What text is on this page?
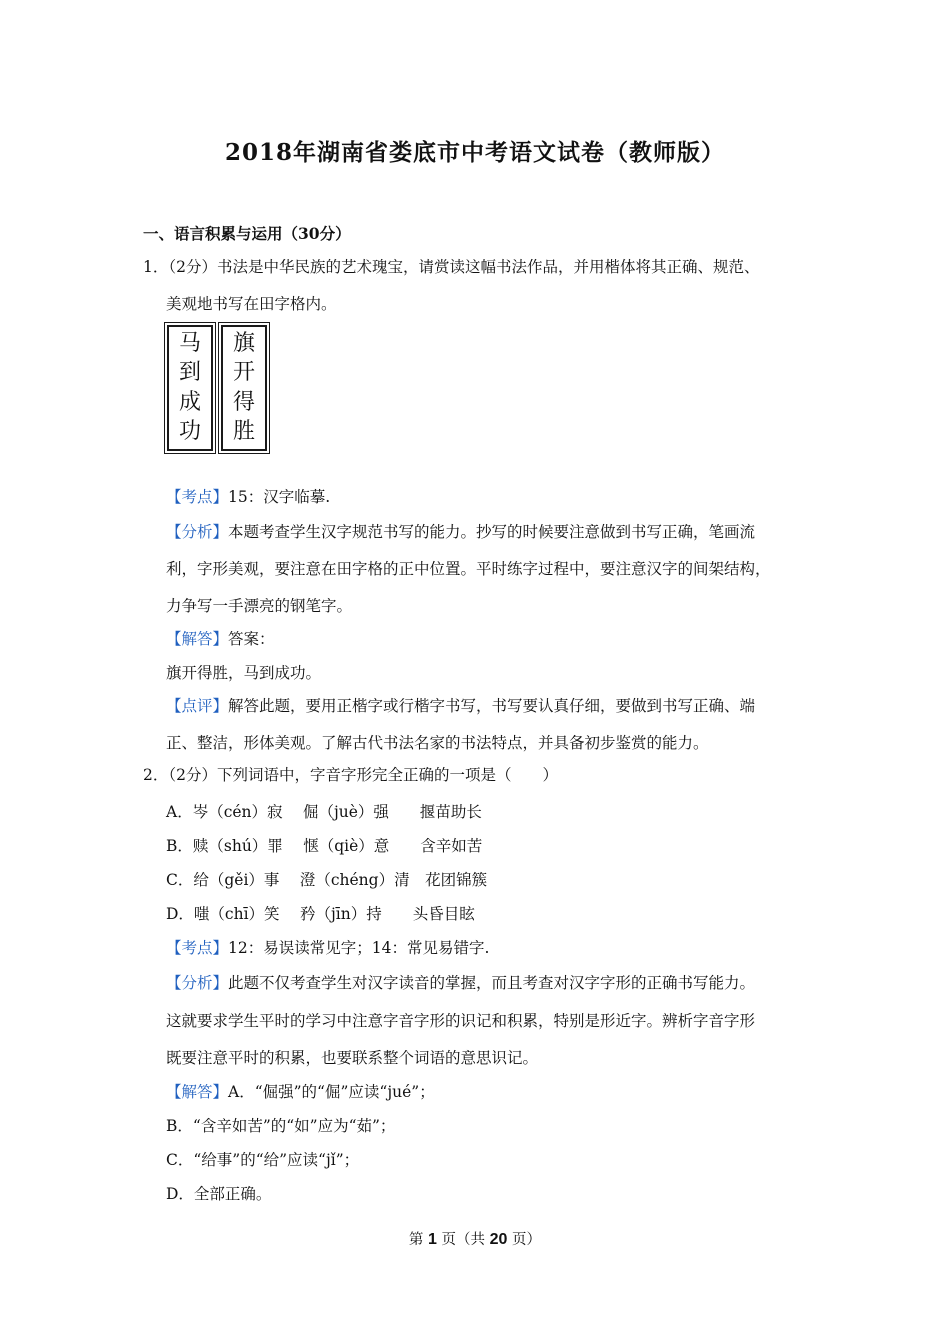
2018年湖南省娄底市中考语文试卷（教师版）
一、语言积累与运用（30分）
1．（2分）书法是中华民族的艺术瑰宝，请赏读这幅书法作品，并用楷体将其正确、规范、
美观地书写在田字格内。
马
到
成
功
旗
开
得
胜
【考点】15：汉字临摹.
【分析】本题考查学生汉字规范书写的能力。抄写的时候要注意做到书写正确，笔画流
利，字形美观，要注意在田字格的正中位置。平时练字过程中，要注意汉字的间架结构，
力争写一手漂亮的钢笔字。
【解答】答案：
旗开得胜，马到成功。
【点评】解答此题，要用正楷字或行楷字书写，书写要认真仔细，要做到书写正确、端
正、整洁，形体美观。了解古代书法名家的书法特点，并具备初步鉴赏的能力。
2．（2分）下列词语中，字音字形完全正确的一项是（　　）
A．岑（cén）寂　 倔（juè）强　　揠苗助长
B．赎（shú）罪　 惬（qiè）意　　含辛如苦
C．给（gěi）事　 澄（chéng）清　花团锦簇
D．嗤（chī）笑　 矜（jīn）持　　头昏目眩
【考点】12：易误读常见字；14：常见易错字.
【分析】此题不仅考查学生对汉字读音的掌握，而且考查对汉字字形的正确书写能力。
这就要求学生平时的学习中注意字音字形的识记和积累，特别是形近字。辨析字音字形
既要注意平时的积累，也要联系整个词语的意思识记。
【解答】A．“倔强”的“倔”应读“jué”；
B．“含辛如苦”的“如”应为“茹”；
C．“给事”的“给”应读“jǐ”；
D．全部正确。
第 1 页（共 20 页）
